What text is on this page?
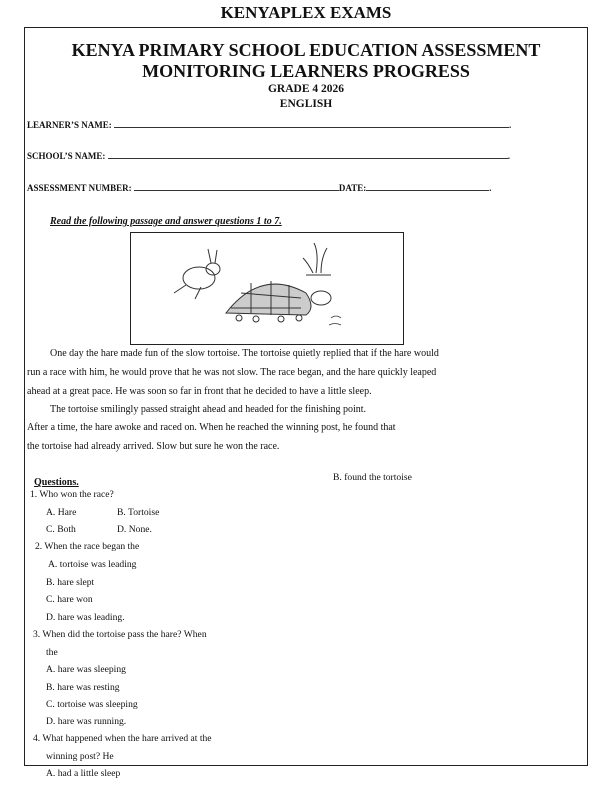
KENYAPLEX EXAMS
KENYA PRIMARY SCHOOL EDUCATION ASSESSMENT
MONITORING LEARNERS PROGRESS
GRADE 4 2026
ENGLISH
LEARNER’S NAME:	.
SCHOOL’S NAME:	.
ASSESSMENT NUMBER:	DATE:	.
Read the following passage and answer questions 1 to 7.
One day the hare made fun of the slow tortoise. The tortoise quietly replied that if the hare would
run a race with him, he would prove that he was not slow. The race began, and the hare quickly leaped
ahead at a great pace. He was soon so far in front that he decided to have a little sleep.
The tortoise smilingly passed straight ahead and headed for the finishing point.
After a time, the hare awoke and raced on. When he reached the winning post, he found that
the tortoise had already arrived. Slow but sure he won the race.
Questions.	B. found the tortoise
1. Who won the race?
A. Hare	B. Tortoise
C. Both	D. None.
2. When the race began the
A. tortoise was leading
B. hare slept
C. hare won
D. hare was leading.
3. When did the tortoise pass the hare? When
the
A. hare was sleeping
B. hare was resting
C. tortoise was sleeping
D. hare was running.
4. What happened when the hare arrived at the
winning post? He
A. had a little sleep
